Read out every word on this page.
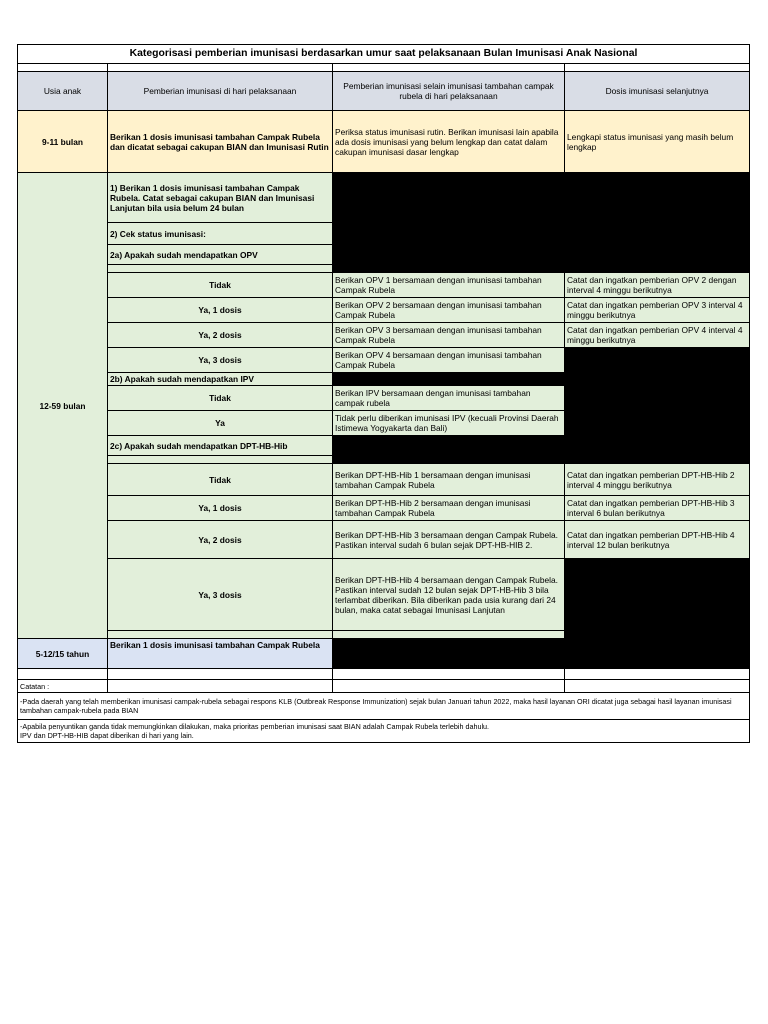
Kategorisasi pemberian imunisasi berdasarkan umur saat pelaksanaan Bulan Imunisasi Anak Nasional			

Usia anak	Pemberian imunisasi di hari pelaksanaan	Pemberian imunisasi selain imunisasi tambahan campak rubela di hari pelaksanaan	Dosis imunisasi selanjutnya
9-11 bulan	Berikan 1 dosis imunisasi tambahan Campak Rubela dan dicatat sebagai cakupan BIAN dan Imunisasi Rutin	Periksa status imunisasi rutin. Berikan imunisasi lain apabila ada dosis imunisasi yang belum lengkap dan catat dalam cakupan imunisasi dasar lengkap	Lengkapi status imunisasi yang masih belum lengkap
12-59 bulan	1) Berikan 1 dosis imunisasi tambahan Campak Rubela. Catat sebagai cakupan BIAN dan Imunisasi Lanjutan bila usia belum 24 bulan		
	2) Cek status imunisasi:		
	2a) Apakah sudah mendapatkan OPV		

	Tidak	Berikan OPV 1 bersamaan dengan imunisasi tambahan Campak Rubela	Catat dan ingatkan pemberian OPV 2 dengan interval 4 minggu berikutnya
	Ya, 1 dosis	Berikan OPV 2 bersamaan dengan imunisasi tambahan Campak Rubela	Catat dan ingatkan pemberian OPV 3 interval 4 minggu berikutnya
	Ya, 2 dosis	Berikan OPV 3 bersamaan dengan imunisasi tambahan Campak Rubela	Catat dan ingatkan pemberian OPV 4 interval 4 minggu berikutnya
	Ya, 3 dosis	Berikan OPV 4 bersamaan dengan imunisasi tambahan Campak Rubela	
	2b) Apakah sudah mendapatkan IPV		
	Tidak	Berikan IPV bersamaan dengan imunisasi tambahan campak rubela	
	Ya	Tidak perlu diberikan imunisasi IPV (kecuali Provinsi Daerah Istimewa Yogyakarta dan Bali)	
	2c) Apakah sudah mendapatkan DPT-HB-Hib		

	Tidak	Berikan DPT-HB-Hib 1 bersamaan dengan imunisasi tambahan Campak Rubela	Catat dan ingatkan pemberian DPT-HB-Hib 2 interval 4 minggu berikutnya
	Ya, 1 dosis	Berikan DPT-HB-Hib 2 bersamaan dengan imunisasi tambahan Campak Rubela	Catat dan ingatkan pemberian DPT-HB-Hib 3 interval 6 bulan berikutnya
	Ya, 2 dosis	Berikan DPT-HB-Hib 3 bersamaan dengan Campak Rubela. Pastikan interval sudah 6 bulan sejak DPT-HB-HIB 2.	Catat dan ingatkan pemberian DPT-HB-Hib 4 interval 12 bulan berikutnya
	Ya, 3 dosis	Berikan DPT-HB-Hib 4 bersamaan dengan Campak Rubela. Pastikan interval sudah 12 bulan sejak DPT-HB-Hib 3 bila terlambat diberikan. Bila diberikan pada usia kurang dari 24 bulan, maka catat sebagai Imunisasi Lanjutan	

5-12/15 tahun	Berikan 1 dosis imunisasi tambahan Campak Rubela		

Catatan :			
-Pada daerah yang telah memberikan imunisasi campak-rubela sebagai respons KLB (Outbreak Response Immunization) sejak bulan Januari tahun 2022, maka hasil layanan ORI dicatat juga sebagai hasil layanan imunisasi tambahan campak-rubela pada BIAN			

-Apabila penyuntikan ganda tidak memungkinkan dilakukan, maka prioritas pemberian imunisasi saat BIAN adalah Campak Rubela terlebih dahulu.
IPV dan DPT-HB-HIB dapat diberikan di hari yang lain.			
